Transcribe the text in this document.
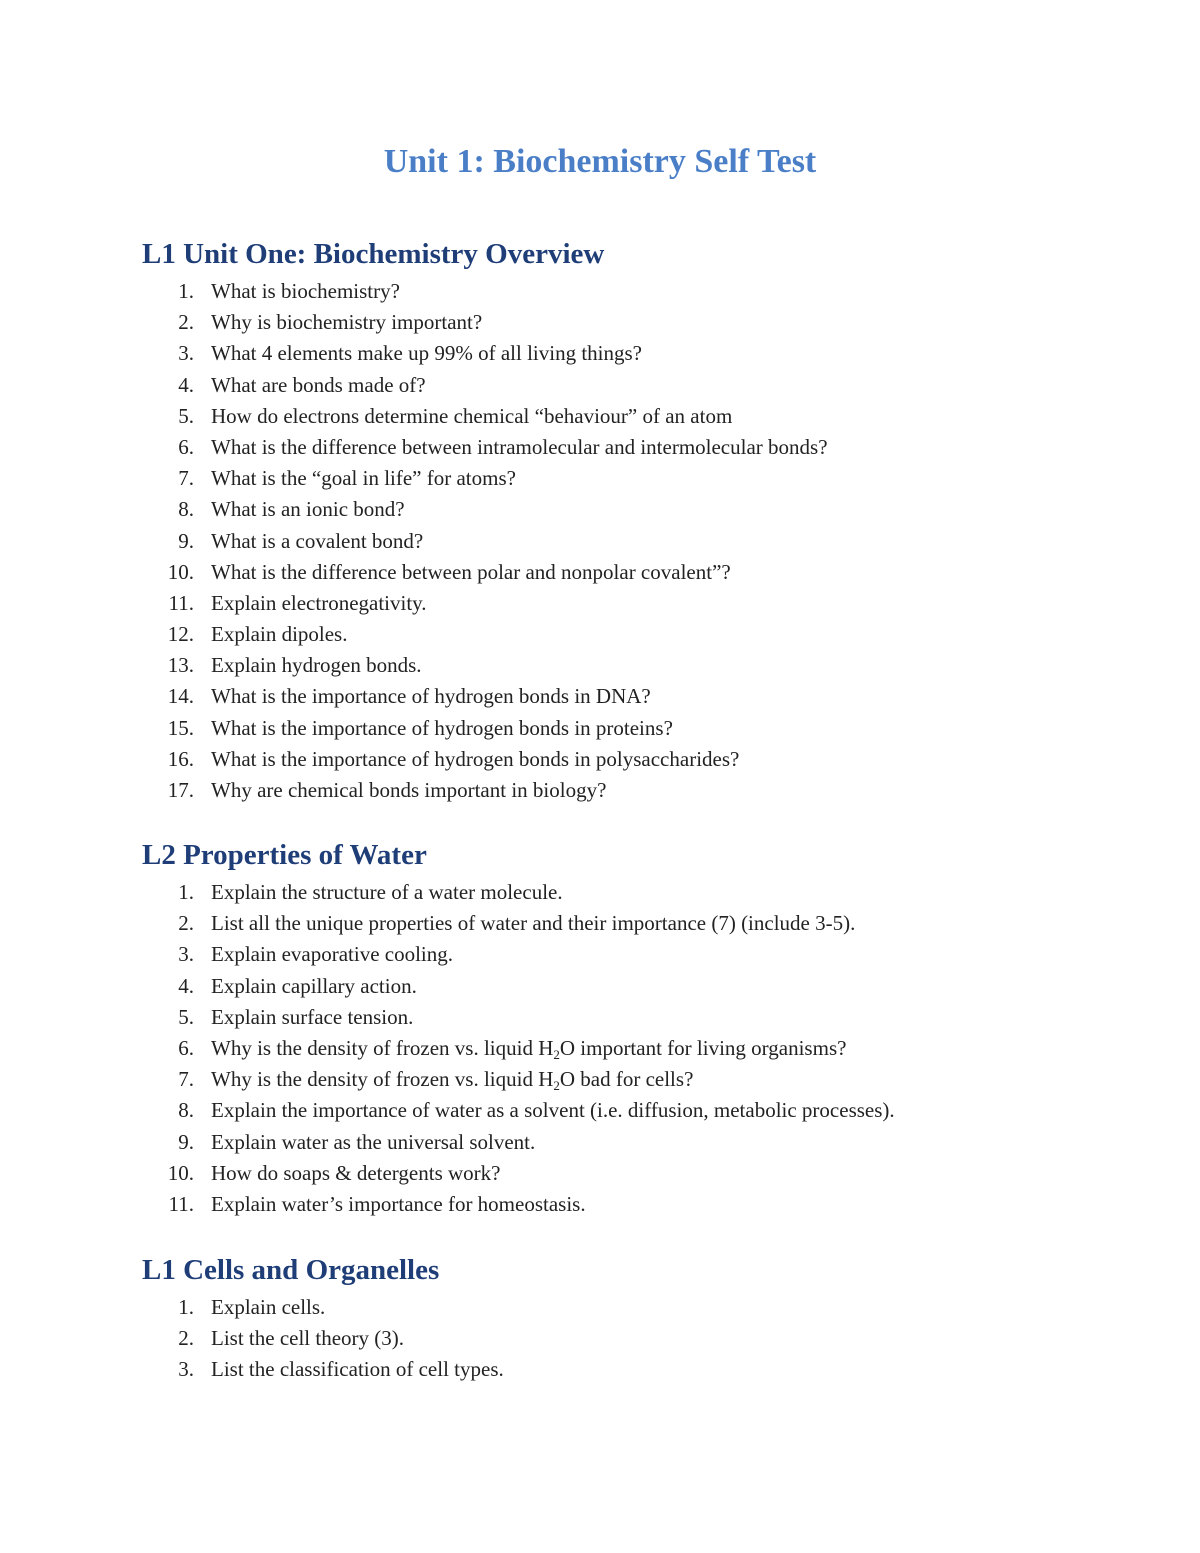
Unit 1: Biochemistry Self Test
L1 Unit One: Biochemistry Overview
1. What is biochemistry?
2. Why is biochemistry important?
3. What 4 elements make up 99% of all living things?
4. What are bonds made of?
5. How do electrons determine chemical “behaviour” of an atom
6. What is the difference between intramolecular and intermolecular bonds?
7. What is the “goal in life” for atoms?
8. What is an ionic bond?
9. What is a covalent bond?
10. What is the difference between polar and nonpolar covalent”?
11. Explain electronegativity.
12. Explain dipoles.
13. Explain hydrogen bonds.
14. What is the importance of hydrogen bonds in DNA?
15. What is the importance of hydrogen bonds in proteins?
16. What is the importance of hydrogen bonds in polysaccharides?
17. Why are chemical bonds important in biology?
L2 Properties of Water
1. Explain the structure of a water molecule.
2. List all the unique properties of water and their importance (7) (include 3-5).
3. Explain evaporative cooling.
4. Explain capillary action.
5. Explain surface tension.
6. Why is the density of frozen vs. liquid $H_2O$ important for living organisms?
7. Why is the density of frozen vs. liquid $H_2O$ bad for cells?
8. Explain the importance of water as a solvent (i.e. diffusion, metabolic processes).
9. Explain water as the universal solvent.
10. How do soaps & detergents work?
11. Explain water’s importance for homeostasis.
L1 Cells and Organelles
1. Explain cells.
2. List the cell theory (3).
3. List the classification of cell types.
